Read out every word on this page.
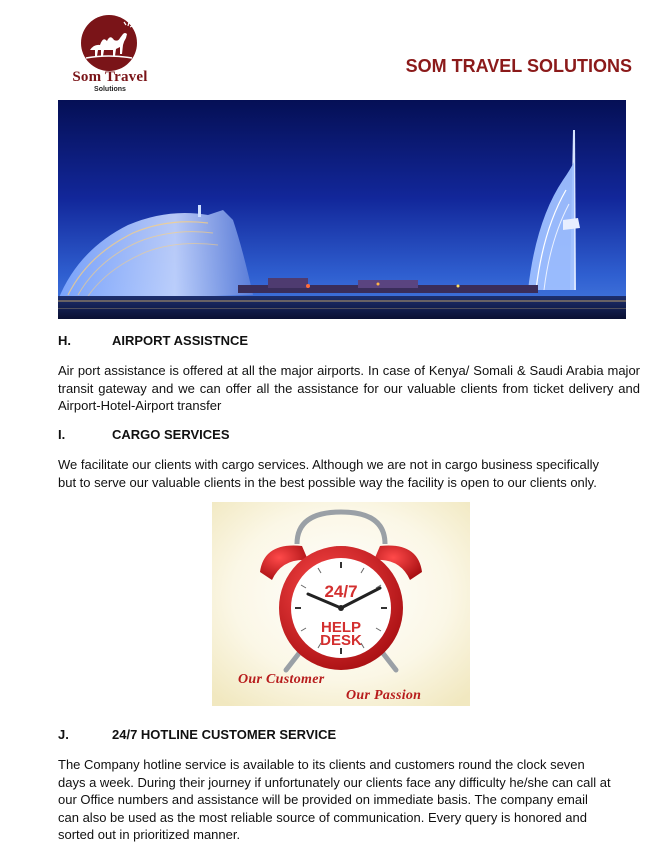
Som Travel
Solutions
SOM TRAVEL SOLUTIONS
H.	AIRPORT ASSISTNCE
Air port assistance is offered at all the major airports. In case of Kenya/ Somali & Saudi Arabia major transit gateway and we can offer all the assistance for our valuable clients from ticket delivery and Airport-Hotel-Airport transfer
I.	CARGO SERVICES
We facilitate our clients with cargo services. Although we are not in cargo business specifically
but to serve our valuable clients in the best possible way the facility is open to our clients only.
24/7
HELP
DESK
Our Customer
Our Passion
J.	24/7 HOTLINE CUSTOMER SERVICE
The Company hotline service is available to its clients and customers round the clock seven
days a week. During their journey if unfortunately our clients face any difficulty he/she can call at
our Office numbers and assistance will be provided on immediate basis. The company email
can also be used as the most reliable source of communication. Every query is honored and
sorted out in prioritized manner.
